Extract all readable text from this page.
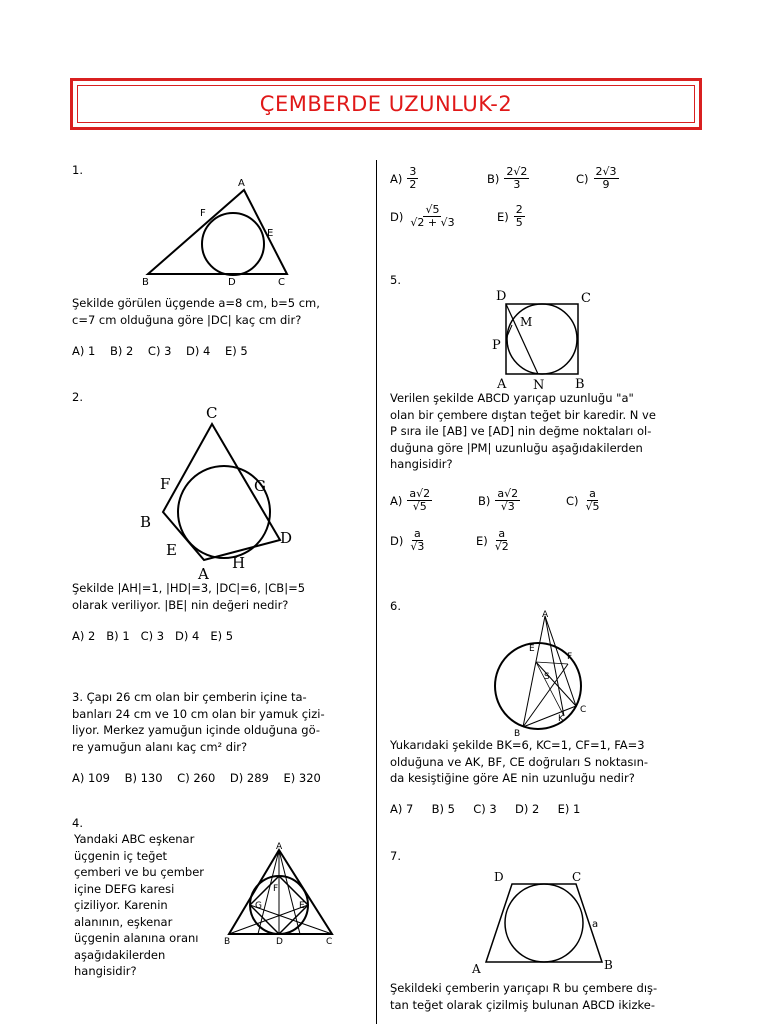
ÇEMBERDE UZUNLUK-2
1.
A
F
E
B	D	C
Şekilde görülen üçgende a=8 cm, b=5 cm,
c=7 cm olduğuna göre |DC| kaç cm dir?
A) 1    B) 2    C) 3    D) 4    E) 5
2.
C
F	G
B
D
E
H
A
Şekilde |AH|=1, |HD|=3, |DC|=6, |CB|=5
olarak veriliyor. |BE| nin değeri nedir?
A) 2   B) 1   C) 3   D) 4   E) 5
3. Çapı 26 cm olan bir çemberin içine ta-
banları 24 cm ve 10 cm olan bir yamuk çizi-
liyor. Merkez yamuğun içinde olduğuna gö-
re yamuğun alanı kaç cm² dir?
A) 109    B) 130    C) 260    D) 289    E) 320
4.
Yandaki ABC eşkenar
üçgenin iç teğet
çemberi ve bu çember
içine DEFG karesi
çiziliyor. Karenin
alanının, eşkenar
üçgenin alanına oranı
aşağıdakilerden
hangisidir?
A
F
G	E
B	D	C
$A) \frac{3}{2}$	$B) \frac{2√2}{3}$	$C) \frac{2√3}{9}$
$D) \frac{√5}{√2 + √3}$	$E) \frac{2}{5}$
5.
D	C
M
P
A N B
Verilen şekilde ABCD yarıçap uzunluğu "a"
olan bir çembere dıştan teğet bir karedir. N ve
P sıra ile [AB] ve [AD] nin değme noktaları ol-
duğuna göre |PM| uzunluğu aşağıdakilerden
hangisidir?
$A) \frac{a√2}{√5}$	$B) \frac{a√2}{√3}$	$C) \frac{a}{√5}$
$D) \frac{a}{√3}$	$E) \frac{a}{√2}$
6.
A
E
F
S
K
C
B
Yukarıdaki şekilde BK=6, KC=1, CF=1, FA=3
olduğuna ve AK, BF, CE doğruları S noktasın-
da kesiştiğine göre AE nin uzunluğu nedir?
A) 7     B) 5     C) 3     D) 2     E) 1
7.
D	C
a
A	B
Şekildeki çemberin yarıçapı R bu çembere dış-
tan teğet olarak çizilmiş bulunan ABCD ikizke-
